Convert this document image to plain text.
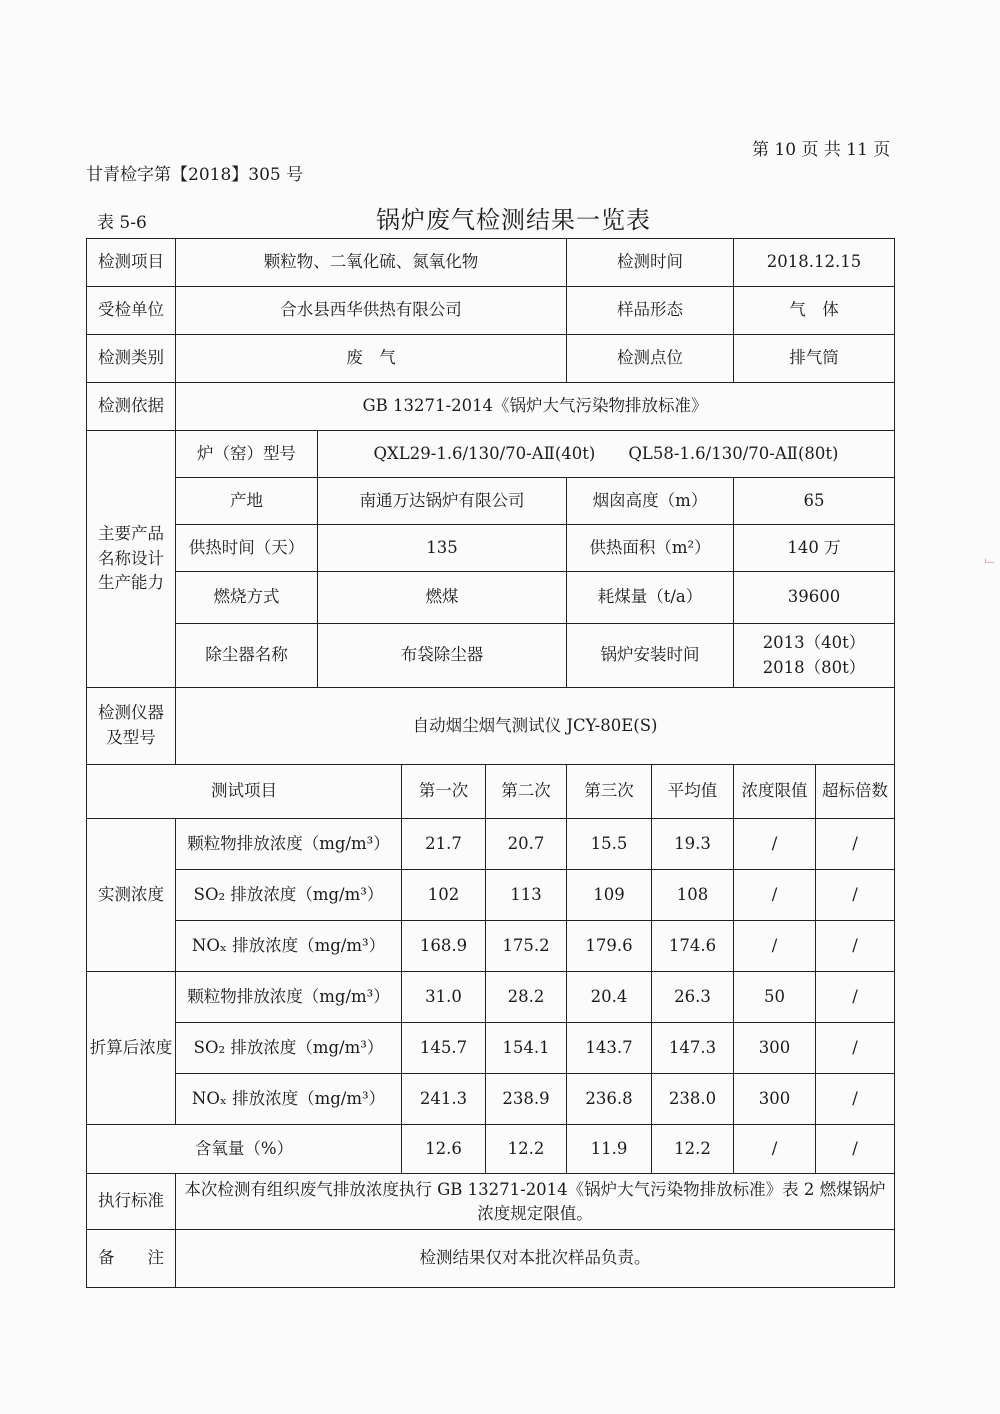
第 10 页 共 11 页
甘青检字第【2018】305 号
表 5-6	锅炉废气检测结果一览表
检测项目	颗粒物、二氧化硫、氮氧化物				检测时间		2018.12.15	
受检单位	合水县西华供热有限公司				样品形态		气　体	
检测类别	废　气				检测点位		排气筒	
检测依据	GB 13271-2014《锅炉大气污染物排放标准》							
主要产品名称设计生产能力	炉（窑）型号	QXL29-1.6/130/70-AⅡ(40t)　　QL58-1.6/130/70-AⅡ(80t)						
	产地	南通万达锅炉有限公司			烟囱高度（m）		65	
	供热时间（天）	135			供热面积（m²）		140 万	
	燃烧方式	燃煤			耗煤量（t/a）		39600	
	除尘器名称	布袋除尘器			锅炉安装时间		2013（40t）
2018（80t）	

检测仪器
及型号	自动烟尘烟气测试仪 JCY-80E(S)							
测试项目			第一次	第二次	第三次	平均值	浓度限值	超标倍数
实测浓度	颗粒物排放浓度（mg/m³）		21.7	20.7	15.5	19.3	/	/
	SO₂ 排放浓度（mg/m³）		102	113	109	108	/	/
	NOₓ 排放浓度（mg/m³）		168.9	175.2	179.6	174.6	/	/
折算后浓度	颗粒物排放浓度（mg/m³）		31.0	28.2	20.4	26.3	50	/
	SO₂ 排放浓度（mg/m³）		145.7	154.1	143.7	147.3	300	/
	NOₓ 排放浓度（mg/m³）		241.3	238.9	236.8	238.0	300	/
含氧量（%）			12.6	12.2	11.9	12.2	/	/
执行标准	本次检测有组织废气排放浓度执行 GB 13271-2014《锅炉大气污染物排放标准》表 2 燃煤锅炉浓度规定限值。							
备　　注	检测结果仅对本批次样品负责。							
﹂
